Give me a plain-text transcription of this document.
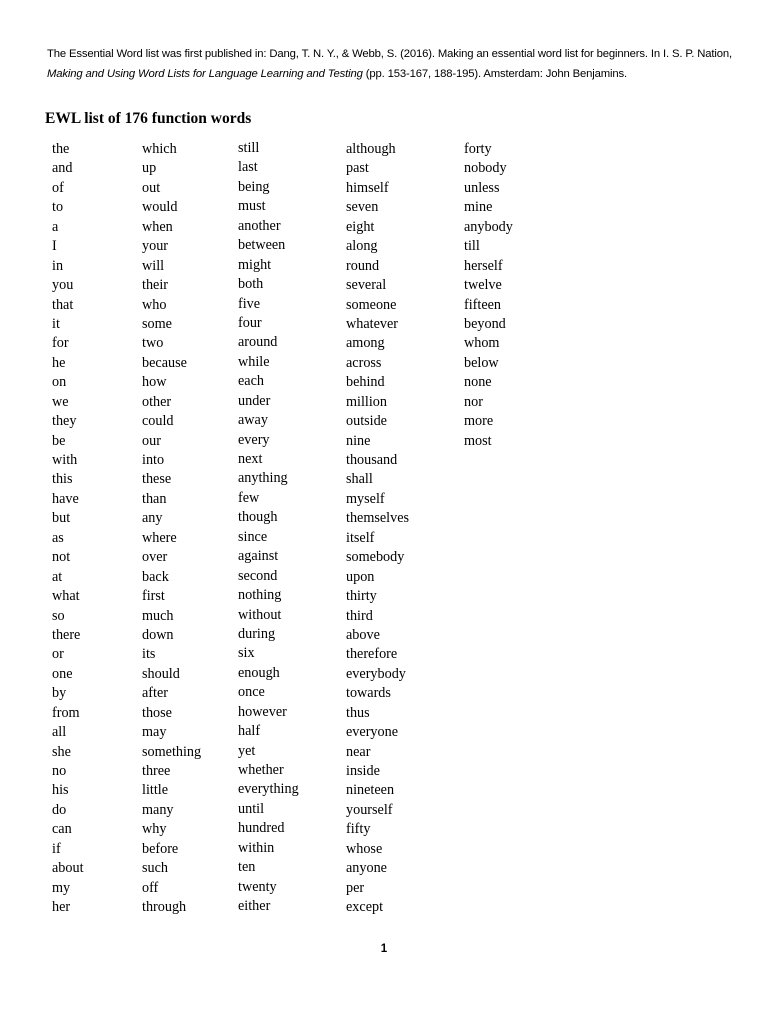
The Essential Word list was first published in: Dang, T. N. Y., & Webb, S. (2016). Making an essential word list for beginners. In I. S. P. Nation, Making and Using Word Lists for Language Learning and Testing (pp. 153-167, 188-195). Amsterdam: John Benjamins.
EWL list of 176 function words
the
and
of
to
a
I
in
you
that
it
for
he
on
we
they
be
with
this
have
but
as
not
at
what
so
there
or
one
by
from
all
she
no
his
do
can
if
about
my
her
which
up
out
would
when
your
will
their
who
some
two
because
how
other
could
our
into
these
than
any
where
over
back
first
much
down
its
should
after
those
may
something
three
little
many
why
before
such
off
through
still
last
being
must
another
between
might
both
five
four
around
while
each
under
away
every
next
anything
few
though
since
against
second
nothing
without
during
six
enough
once
however
half
yet
whether
everything
until
hundred
within
ten
twenty
either
although
past
himself
seven
eight
along
round
several
someone
whatever
among
across
behind
million
outside
nine
thousand
shall
myself
themselves
itself
somebody
upon
thirty
third
above
therefore
everybody
towards
thus
everyone
near
inside
nineteen
yourself
fifty
whose
anyone
per
except
forty
nobody
unless
mine
anybody
till
herself
twelve
fifteen
beyond
whom
below
none
nor
more
most
1
